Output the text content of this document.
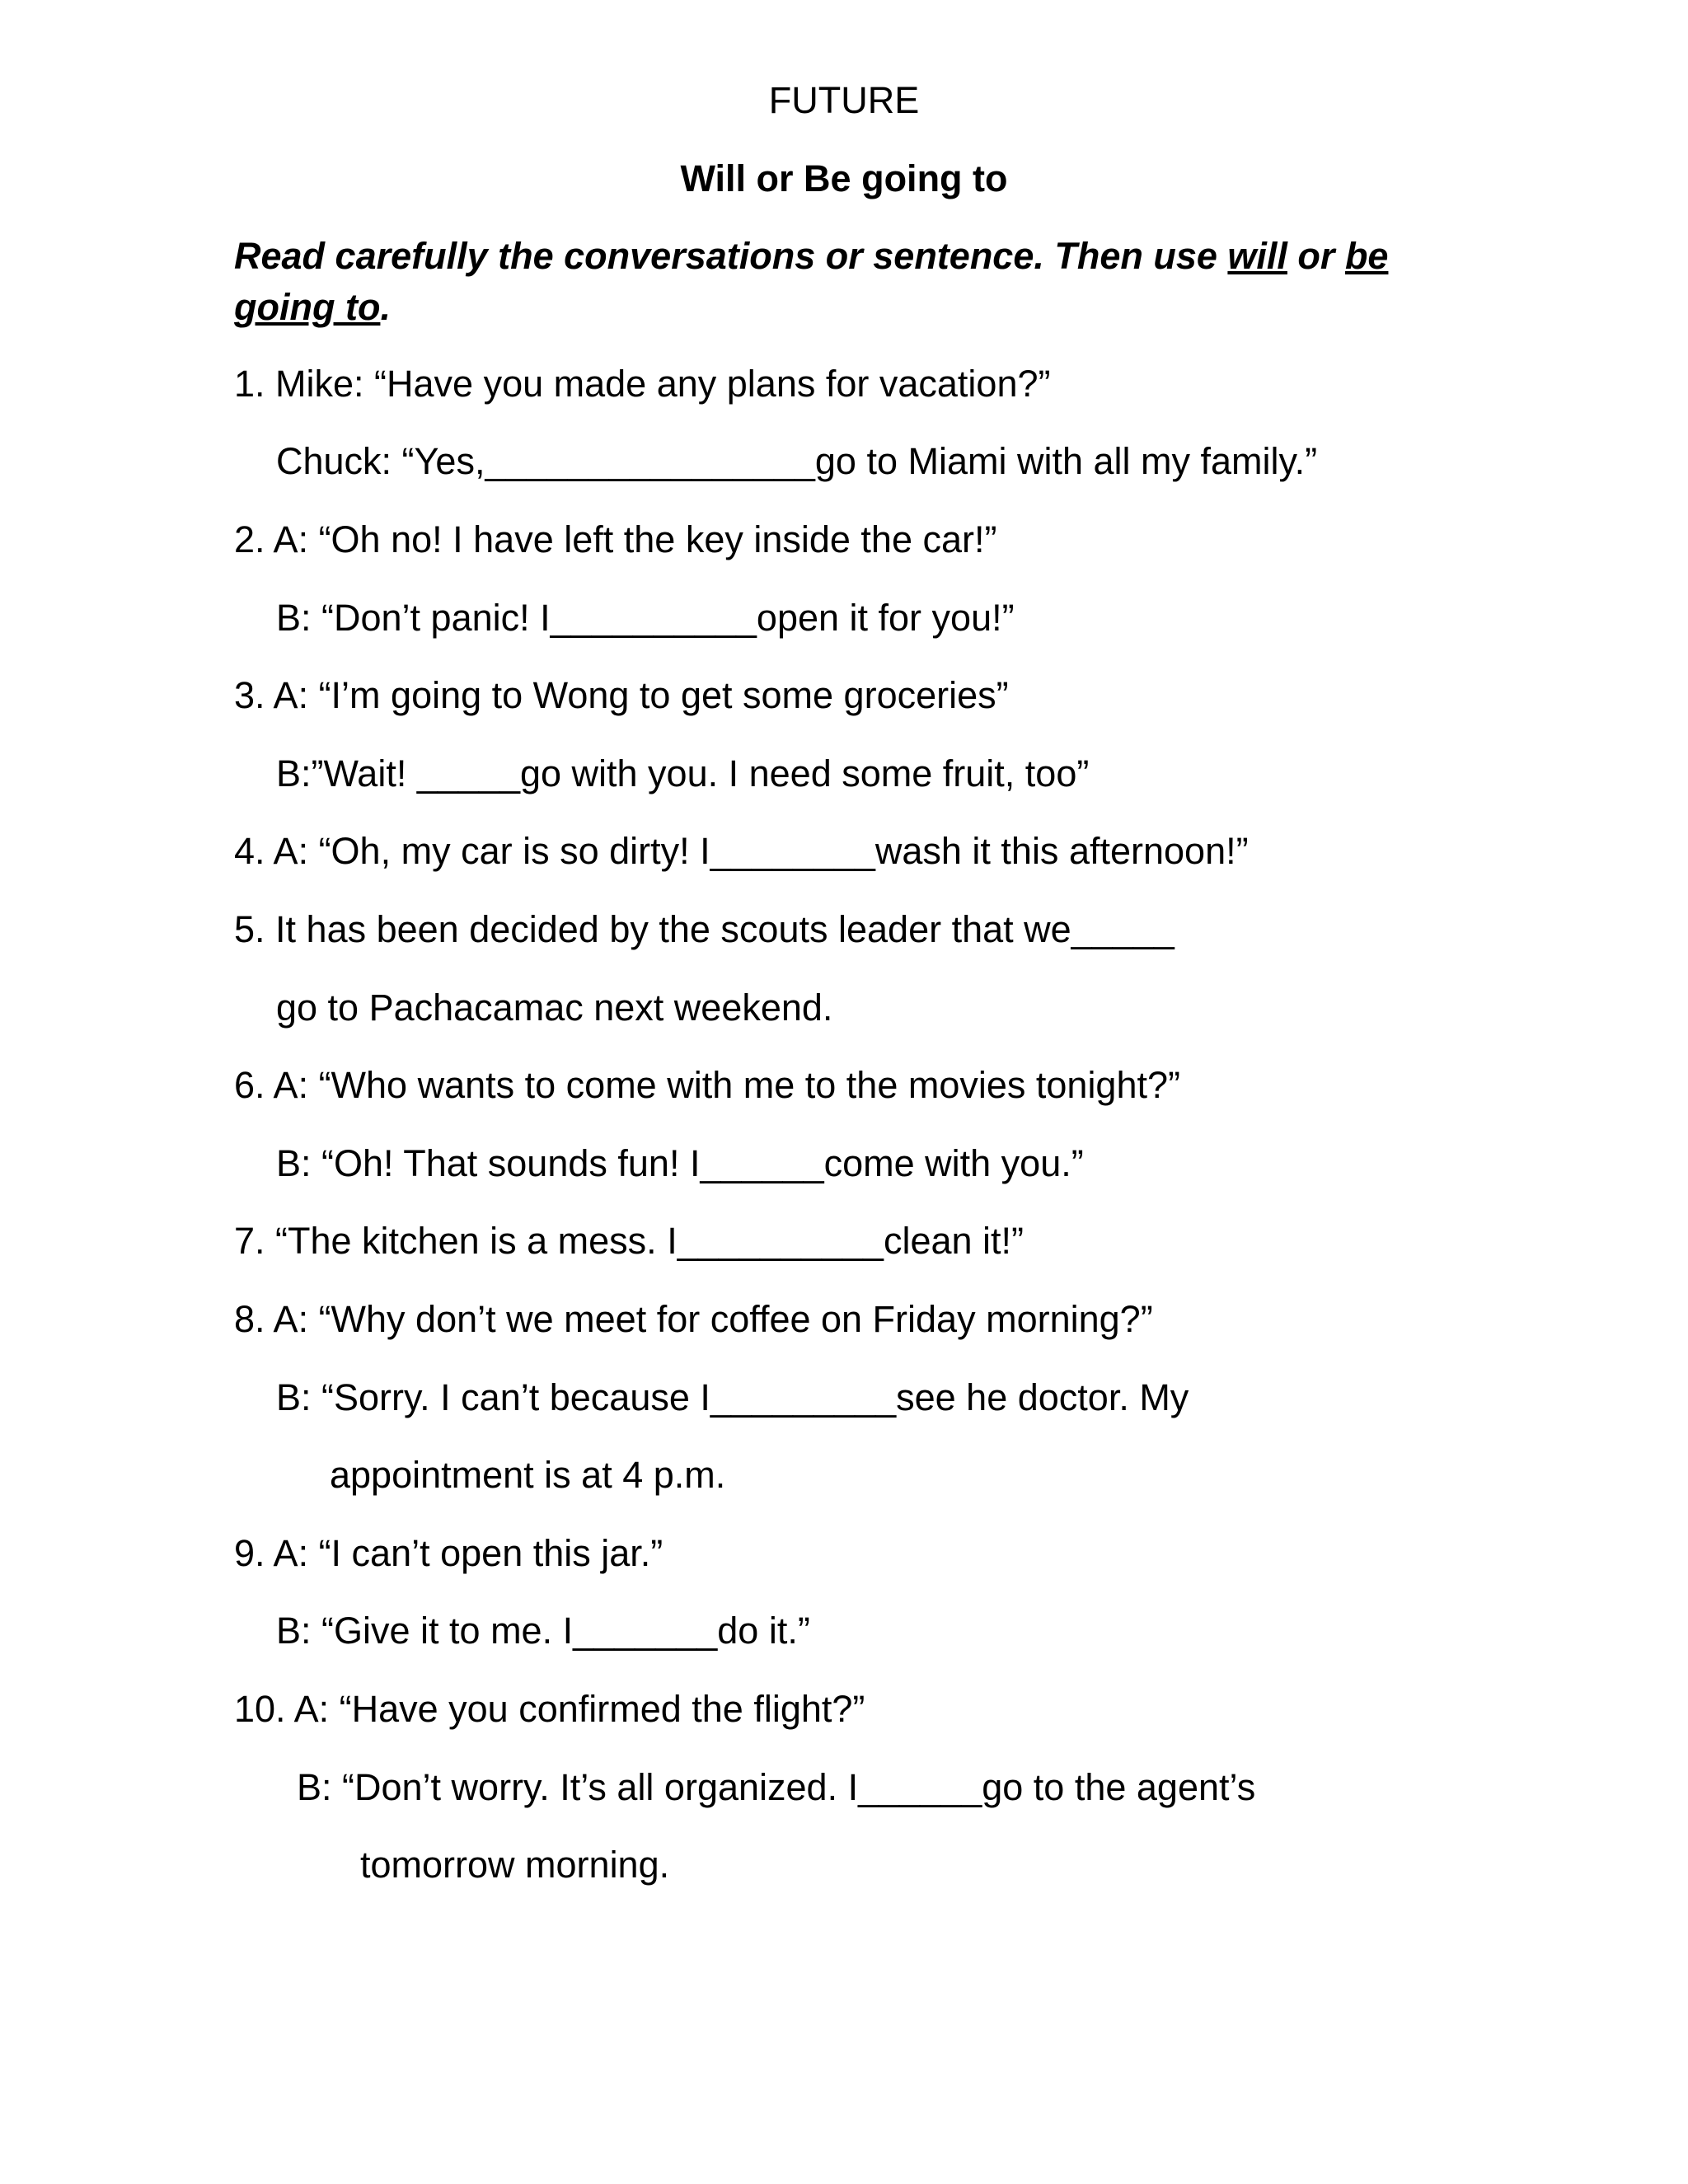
FUTURE
Will or Be going to

Read carefully the conversations or sentence. Then use will or be going to.

1. Mike: “Have you made any plans for vacation?”

Chuck: “Yes,________________go to Miami with all my family.”

2. A: “Oh no! I have left the key inside the car!”

B: “Don’t panic! I__________open it for you!”

3. A: “I’m going to Wong to get some groceries”

B:”Wait! _____go with you. I need some fruit, too”

4. A: “Oh, my car is so dirty! I________wash it this afternoon!”

5. It has been decided by the scouts leader that we_____

go to Pachacamac next weekend.

6. A: “Who wants to come with me to the movies tonight?”

B: “Oh! That sounds fun! I______come with you.”

7. “The kitchen is a mess. I__________clean it!”

8. A: “Why don’t we meet for coffee on Friday morning?”

B: “Sorry. I can’t because I_________see he doctor. My

appointment is at 4 p.m.

9. A: “I can’t open this jar.”

B: “Give it to me. I_______do it.”

10. A: “Have you confirmed the flight?”

B: “Don’t worry. It’s all organized. I______go to the agent’s

tomorrow morning.
